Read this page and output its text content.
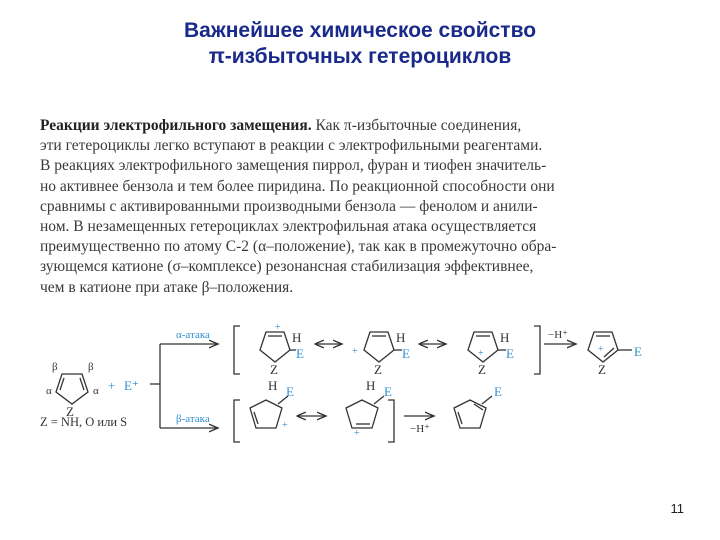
Важнейшее химическое свойство
π-избыточных гетероциклов
Реакции электрофильного замещения. Как π-избыточные соединения,
эти гетероциклы легко вступают в реакции с электрофильными реагентами.
В реакциях электрофильного замещения пиррол, фуран и тиофен значитель-
но активнее бензола и тем более пиридина. По реакционной способности они
сравнимы с активированными производными бензола — фенолом и анили-
ном. В незамещенных гетероциклах электрофильная атака осуществляется
преимущественно по атому С-2 (α–положение), так как в промежуточно обра-
зующемся катионе (σ–комплексе) резонансная стабилизация эффективнее,
чем в катионе при атаке β–положения.
Z
α	α
β	β
+ E⁺
Z = NH, O или S
α-атака
β-атака
Z
H
E
+
Z
H
E
+
Z
H
E
+
−H⁺
Z
E
+
H E
+
H E
+	−H⁺
E
11
